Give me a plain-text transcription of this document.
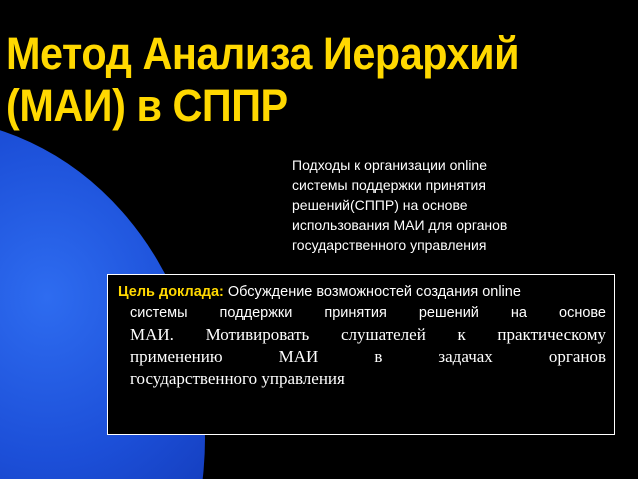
Метод Анализа Иерархий
(МАИ) в СППР
Подходы к организации online
системы поддержки принятия
решений(СППР) на основе
использования МАИ для органов
государственного управления
Цель доклада: Обсуждение возможностей создания online
системы поддержки принятия решений на основе
МАИ. Мотивировать слушателей к практическому
применению МАИ в задачах органов
государственного управления
